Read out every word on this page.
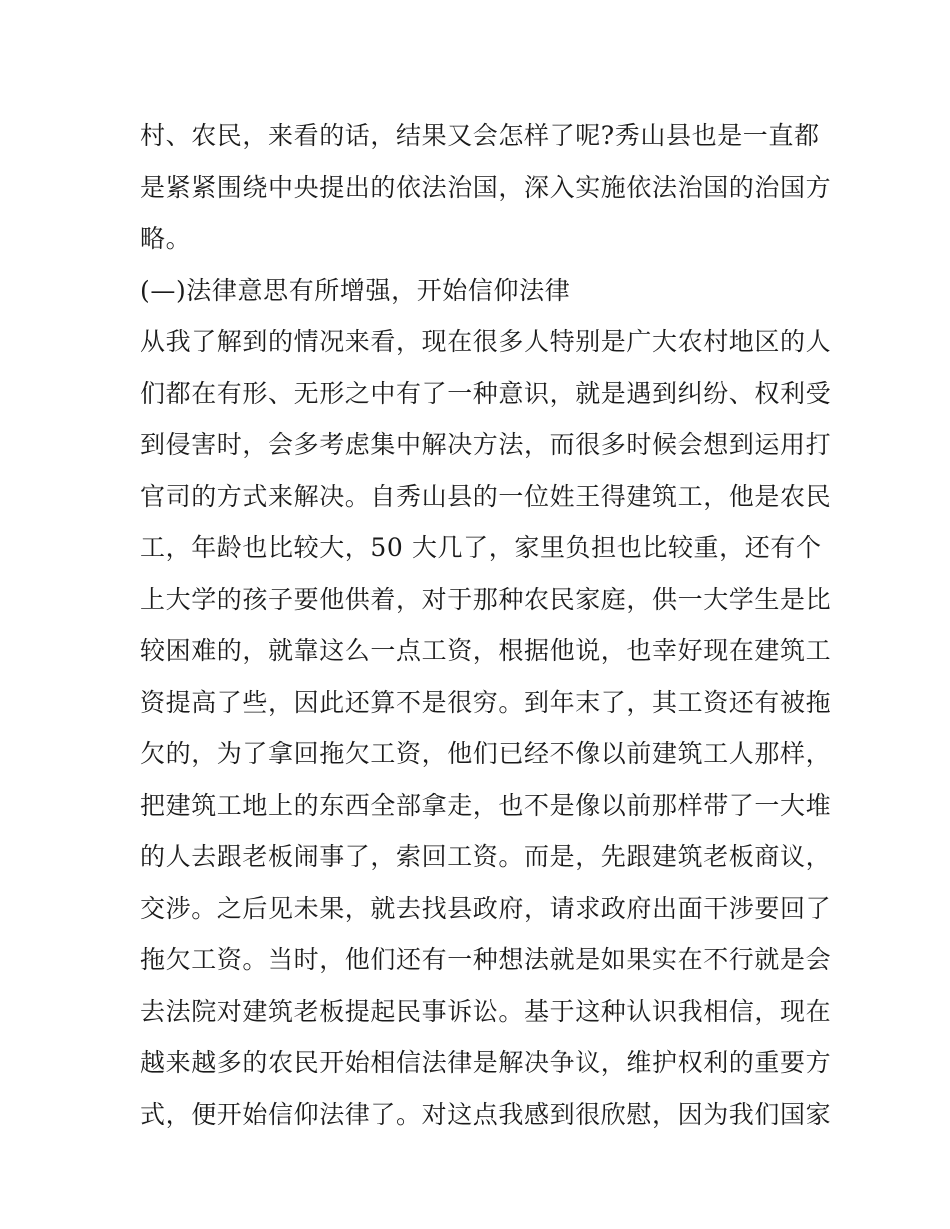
村、农民，来看的话，结果又会怎样了呢?秀山县也是一直都
是紧紧围绕中央提出的依法治国，深入实施依法治国的治国方
略。
(—)法律意思有所增强，开始信仰法律
从我了解到的情况来看，现在很多人特别是广大农村地区的人
们都在有形、无形之中有了一种意识，就是遇到纠纷、权利受
到侵害时，会多考虑集中解决方法，而很多时候会想到运用打
官司的方式来解决。自秀山县的一位姓王得建筑工，他是农民
工，年龄也比较大，50 大几了，家里负担也比较重，还有个
上大学的孩子要他供着，对于那种农民家庭，供一大学生是比
较困难的，就靠这么一点工资，根据他说，也幸好现在建筑工
资提高了些，因此还算不是很穷。到年末了，其工资还有被拖
欠的，为了拿回拖欠工资，他们已经不像以前建筑工人那样，
把建筑工地上的东西全部拿走，也不是像以前那样带了一大堆
的人去跟老板闹事了，索回工资。而是，先跟建筑老板商议，
交涉。之后见未果，就去找县政府，请求政府出面干涉要回了
拖欠工资。当时，他们还有一种想法就是如果实在不行就是会
去法院对建筑老板提起民事诉讼。基于这种认识我相信，现在
越来越多的农民开始相信法律是解决争议，维护权利的重要方
式，便开始信仰法律了。对这点我感到很欣慰，因为我们国家
